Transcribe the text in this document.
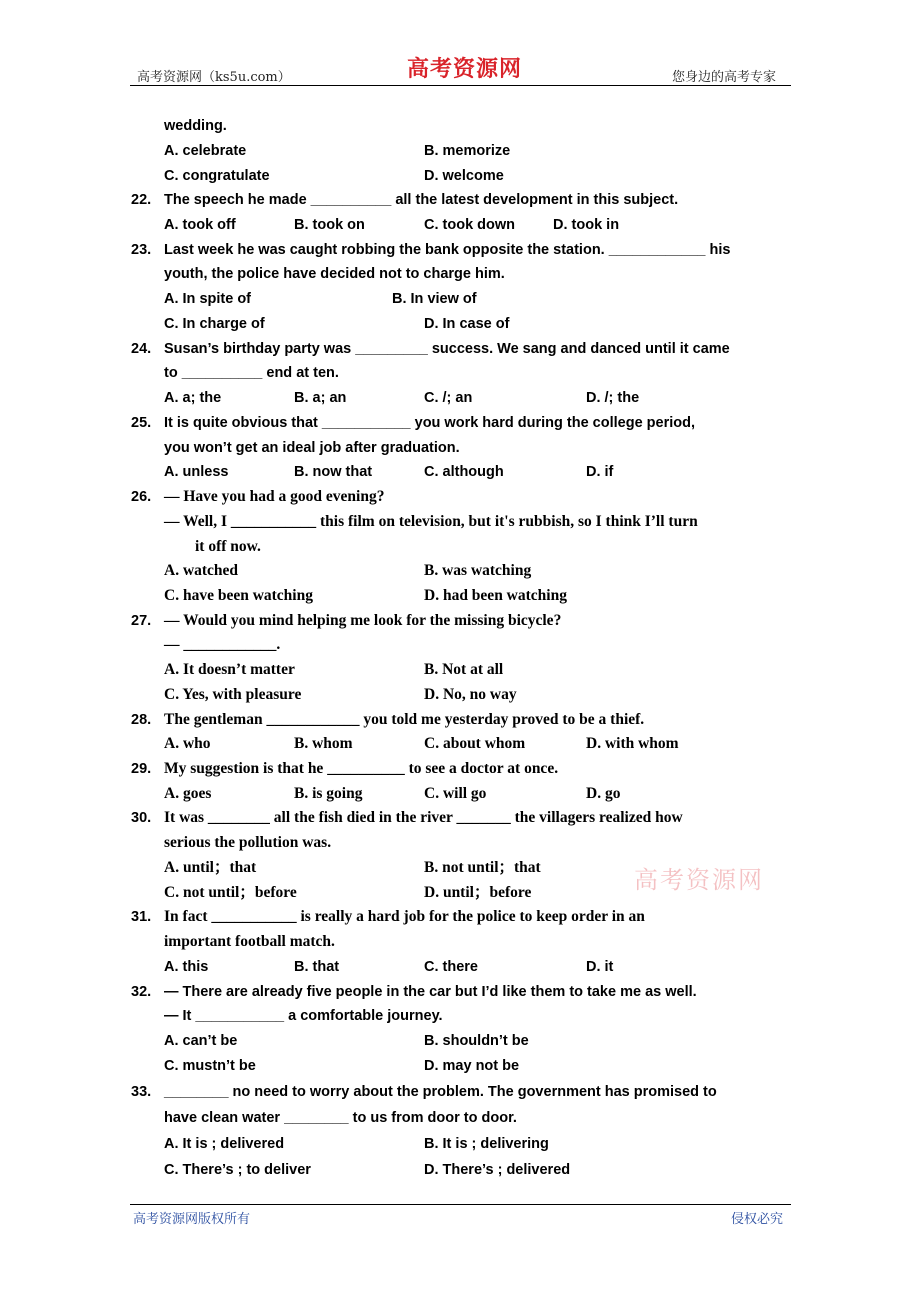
高考资源网（ks5u.com）	高考资源网	您身边的高考专家
wedding.
A. celebrate	B. memorize
C. congratulate	D. welcome
22. The speech he made __________ all the latest development in this subject.
A. took off	B. took on	C. took down	D. took in
23. Last week he was caught robbing the bank opposite the station. ____________ his
youth, the police have decided not to charge him.
A. In spite of	B. In view of
C. In charge of	D. In case of
24. Susan’s birthday party was _________ success. We sang and danced until it came
to __________ end at ten.
A. a; the	B. a; an	C. /; an	D. /; the
25. It is quite obvious that ___________ you work hard during the college period,
you won’t get an ideal job after graduation.
A. unless	B. now that	C. although	D. if
26. — Have you had a good evening?
— Well, I ___________ this film on television, but it's rubbish, so I think I’ll turn
it off now.
A. watched	B. was watching
C. have been watching	D. had been watching
27. — Would you mind helping me look for the missing bicycle?
— ____________.
A. It doesn’t matter	B. Not at all
C. Yes, with pleasure	D. No, no way
28. The gentleman ____________ you told me yesterday proved to be a thief.
A. who	B. whom	C. about whom	D. with whom
29. My suggestion is that he __________ to see a doctor at once.
A. goes	B. is going	C. will go	D. go
30. It was ________ all the fish died in the river _______ the villagers realized how
serious the pollution was.
A. until；that	B. not until；that
C. not until；before	D. until；before	高考资源网
31. In fact ___________ is really a hard job for the police to keep order in an
important football match.
A. this	B. that	C. there	D. it
32. — There are already five people in the car but I’d like them to take me as well.
— It ___________ a comfortable journey.
A. can’t be	B. shouldn’t be
C. mustn’t be	D. may not be
33. ________ no need to worry about the problem. The government has promised to
have clean water ________ to us from door to door.
A. It is ; delivered	B. It is ; delivering
C. There’s ; to deliver	D. There’s ; delivered
高考资源网版权所有	侵权必究
